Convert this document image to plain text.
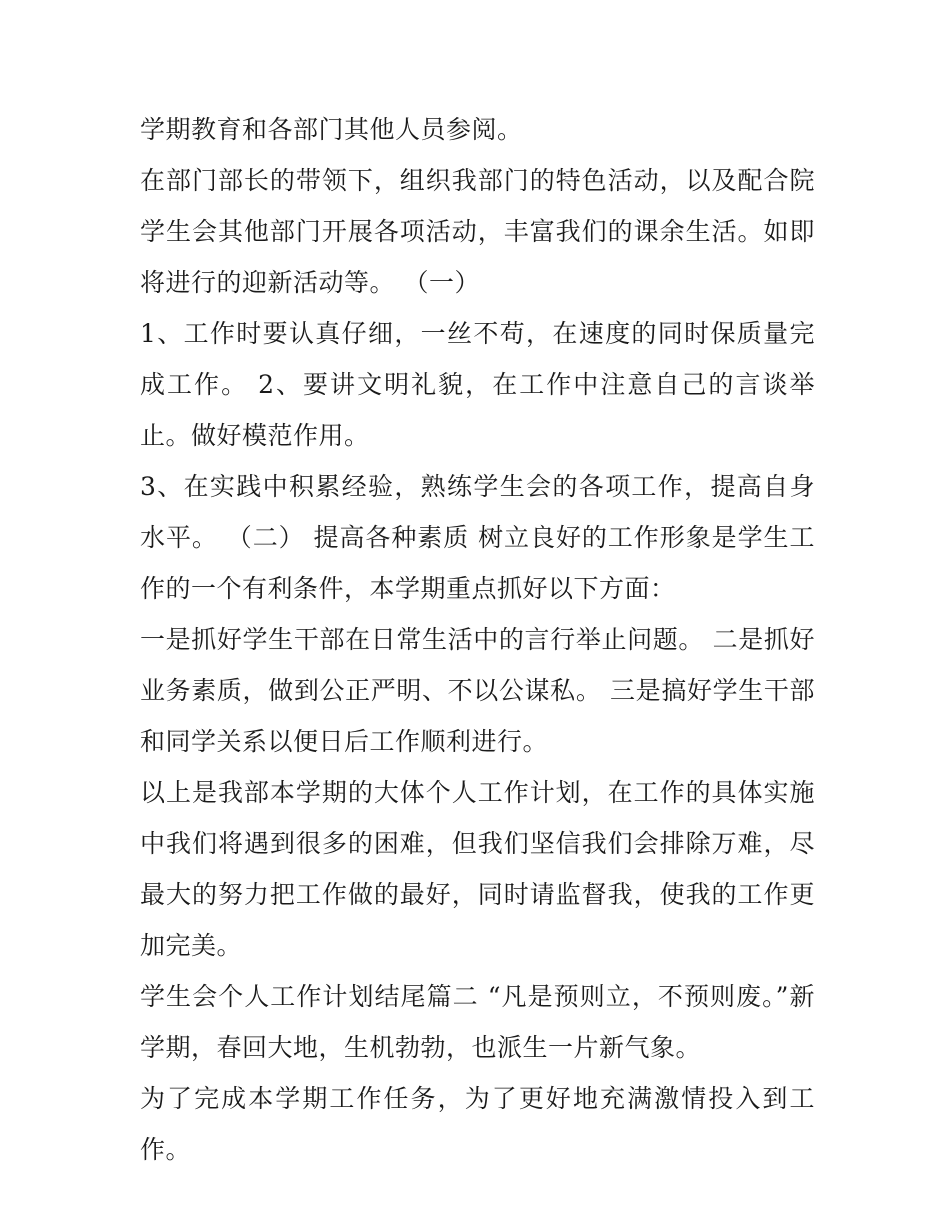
学期教育和各部门其他人员参阅。

在部门部长的带领下，组织我部门的特色活动，以及配合院学生会其他部门开展各项活动，丰富我们的课余生活。如即将进行的迎新活动等。 （一）

1、工作时要认真仔细，一丝不苟，在速度的同时保质量完成工作。 2、要讲文明礼貌，在工作中注意自己的言谈举止。做好模范作用。

3、在实践中积累经验，熟练学生会的各项工作，提高自身水平。 （二） 提高各种素质 树立良好的工作形象是学生工作的一个有利条件，本学期重点抓好以下方面：

一是抓好学生干部在日常生活中的言行举止问题。 二是抓好业务素质，做到公正严明、不以公谋私。 三是搞好学生干部和同学关系以便日后工作顺利进行。

以上是我部本学期的大体个人工作计划，在工作的具体实施中我们将遇到很多的困难，但我们坚信我们会排除万难，尽最大的努力把工作做的最好，同时请监督我，使我的工作更加完美。

学生会个人工作计划结尾篇二 “凡是预则立，不预则废。”新学期，春回大地，生机勃勃，也派生一片新气象。

为了完成本学期工作任务，为了更好地充满激情投入到工作。
